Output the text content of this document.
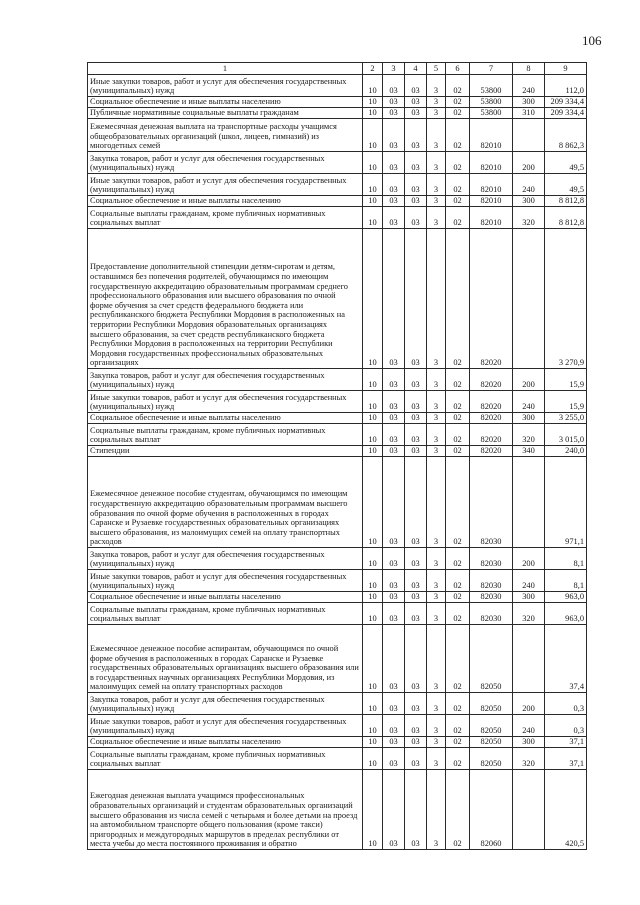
106
1	2	3	4	5	6	7	8	9
Иные закупки товаров, работ и услуг для обеспечения государственных (муниципальных) нужд	10	03	03	3	02	53800	240	112,0
Социальное обеспечение и иные выплаты населению	10	03	03	3	02	53800	300	209 334,4
Публичные нормативные социальные выплаты гражданам	10	03	03	3	02	53800	310	209 334,4
Ежемесячная денежная выплата на транспортные расходы учащимся общеобразовательных организаций (школ, лицеев, гимназий) из многодетных семей	10	03	03	3	02	82010		8 862,3
Закупка товаров, работ и услуг для обеспечения государственных (муниципальных) нужд	10	03	03	3	02	82010	200	49,5
Иные закупки товаров, работ и услуг для обеспечения государственных (муниципальных) нужд	10	03	03	3	02	82010	240	49,5
Социальное обеспечение и иные выплаты населению	10	03	03	3	02	82010	300	8 812,8
Социальные выплаты гражданам, кроме публичных нормативных социальных выплат	10	03	03	3	02	82010	320	8 812,8
Предоставление дополнительной стипендии детям-сиротам и детям, оставшимся без попечения родителей, обучающимся по имеющим государственную аккредитацию образовательным программам среднего профессионального образования или высшего образования по очной форме обучения за счет средств федерального бюджета или республиканского бюджета Республики Мордовия в расположенных на территории Республики Мордовия образовательных организациях высшего образования, за счет средств республиканского бюджета Республики Мордовия в расположенных на территории Республики Мордовия государственных профессиональных образовательных организациях	10	03	03	3	02	82020		3 270,9
Закупка товаров, работ и услуг для обеспечения государственных (муниципальных) нужд	10	03	03	3	02	82020	200	15,9
Иные закупки товаров, работ и услуг для обеспечения государственных (муниципальных) нужд	10	03	03	3	02	82020	240	15,9
Социальное обеспечение и иные выплаты населению	10	03	03	3	02	82020	300	3 255,0
Социальные выплаты гражданам, кроме публичных нормативных социальных выплат	10	03	03	3	02	82020	320	3 015,0
Стипендии	10	03	03	3	02	82020	340	240,0
Ежемесячное денежное пособие студентам, обучающимся по имеющим государственную аккредитацию образовательным программам высшего образования по очной форме обучения в расположенных в городах Саранске и Рузаевке государственных образовательных организациях высшего образования, из малоимущих семей на оплату транспортных расходов	10	03	03	3	02	82030		971,1
Закупка товаров, работ и услуг для обеспечения государственных (муниципальных) нужд	10	03	03	3	02	82030	200	8,1
Иные закупки товаров, работ и услуг для обеспечения государственных (муниципальных) нужд	10	03	03	3	02	82030	240	8,1
Социальное обеспечение и иные выплаты населению	10	03	03	3	02	82030	300	963,0
Социальные выплаты гражданам, кроме публичных нормативных социальных выплат	10	03	03	3	02	82030	320	963,0
Ежемесячное денежное пособие аспирантам, обучающимся по очной форме обучения в расположенных в городах Саранске и Рузаевке государственных образовательных организациях высшего образования или в государственных научных организациях Республики Мордовия, из малоимущих семей на оплату транспортных расходов	10	03	03	3	02	82050		37,4
Закупка товаров, работ и услуг для обеспечения государственных (муниципальных) нужд	10	03	03	3	02	82050	200	0,3
Иные закупки товаров, работ и услуг для обеспечения государственных (муниципальных) нужд	10	03	03	3	02	82050	240	0,3
Социальное обеспечение и иные выплаты населению	10	03	03	3	02	82050	300	37,1
Социальные выплаты гражданам, кроме публичных нормативных социальных выплат	10	03	03	3	02	82050	320	37,1
Ежегодная денежная выплата учащимся профессиональных образовательных организаций и студентам образовательных организаций высшего образования из числа семей с четырьмя и более детьми на проезд на автомобильном транспорте общего пользования (кроме такси) пригородных и междугородных маршрутов в пределах республики от места учебы до места постоянного проживания и обратно	10	03	03	3	02	82060		420,5
